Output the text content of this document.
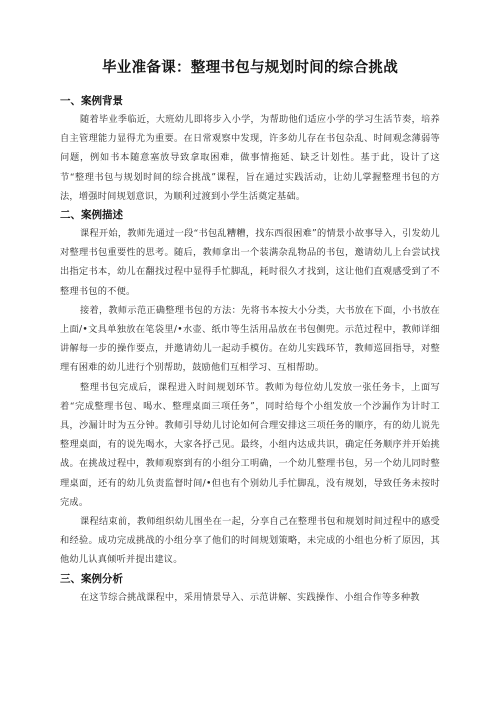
毕业准备课：整理书包与规划时间的综合挑战
一、案例背景

随着毕业季临近，大班幼儿即将步入小学，为帮助他们适应小学的学习生活节奏，培养自主管理能力显得尤为重要。在日常观察中发现，许多幼儿存在书包杂乱、时间观念薄弱等问题，例如书本随意塞放导致拿取困难，做事情拖延、缺乏计划性。基于此，设计了这节“整理书包与规划时间的综合挑战”课程，旨在通过实践活动，让幼儿掌握整理书包的方法，增强时间规划意识，为顺利过渡到小学生活奠定基础。

二、案例描述

课程开始，教师先通过一段“书包乱糟糟，找东西很困难”的情景小故事导入，引发幼儿对整理书包重要性的思考。随后，教师拿出一个装满杂乱物品的书包，邀请幼儿上台尝试找出指定书本，幼儿在翻找过程中显得手忙脚乱，耗时很久才找到，这让他们直观感受到了不整理书包的不便。

接着，教师示范正确整理书包的方法：先将书本按大小分类，大书放在下面，小书放在上面/•文具单独放在笔袋里/•水壶、纸巾等生活用品放在书包侧兜。示范过程中，教师详细讲解每一步的操作要点，并邀请幼儿一起动手模仿。在幼儿实践环节，教师巡回指导，对整理有困难的幼儿进行个别帮助，鼓励他们互相学习、互相帮助。

整理书包完成后，课程进入时间规划环节。教师为每位幼儿发放一张任务卡，上面写着“完成整理书包、喝水、整理桌面三项任务”，同时给每个小组发放一个沙漏作为计时工具，沙漏计时为五分钟。教师引导幼儿讨论如何合理安排这三项任务的顺序，有的幼儿说先整理桌面，有的说先喝水，大家各抒己见。最终，小组内达成共识，确定任务顺序并开始挑战。在挑战过程中，教师观察到有的小组分工明确，一个幼儿整理书包，另一个幼儿同时整理桌面，还有的幼儿负责监督时间/•但也有个别幼儿手忙脚乱，没有规划，导致任务未按时完成。

课程结束前，教师组织幼儿围坐在一起，分享自己在整理书包和规划时间过程中的感受和经验。成功完成挑战的小组分享了他们的时间规划策略，未完成的小组也分析了原因，其他幼儿认真倾听并提出建议。

三、案例分析

在这节综合挑战课程中，采用情景导入、示范讲解、实践操作、小组合作等多种教
